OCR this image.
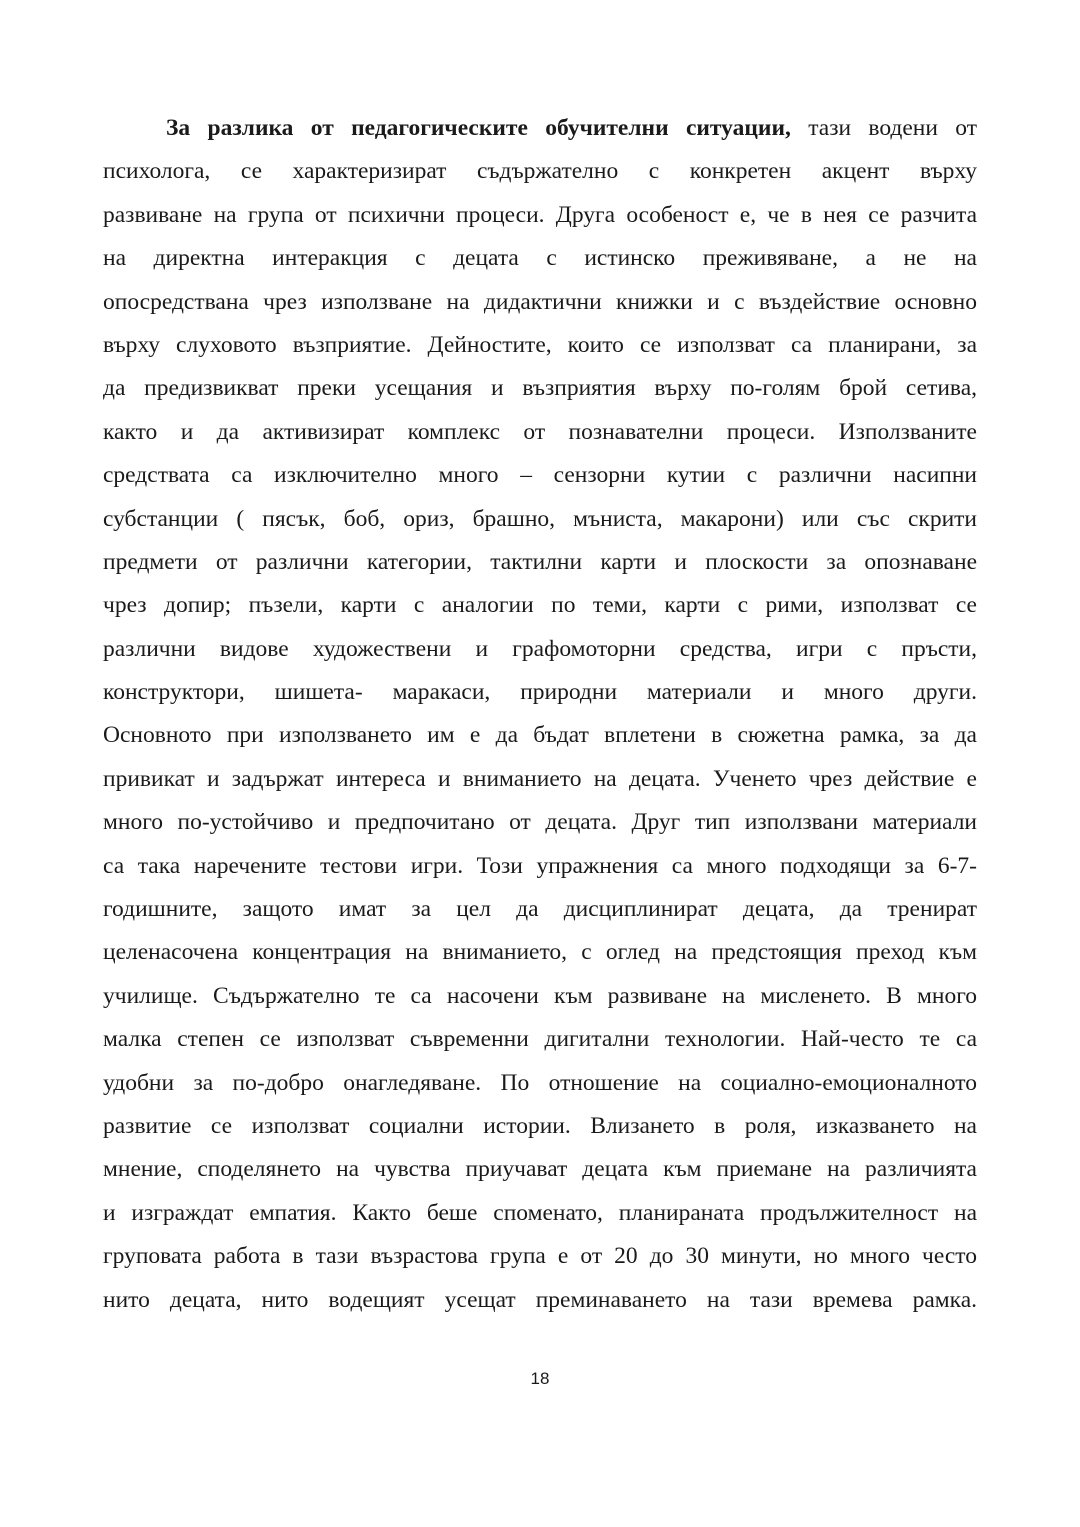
За разлика от педагогическите обучителни ситуации, тази водени от
психолога, се характеризират съдържателно с конкретен акцент върху
развиване на група от психични процеси. Друга особеност е, че в нея се разчита
на директна интеракция с децата с истинско преживяване, а не на
опосредствана чрез използване на дидактични книжки и с въздействие основно
върху слуховото възприятие. Дейностите, които се използват са планирани, за
да предизвикват преки усещания и възприятия върху по-голям брой сетива,
както и да активизират комплекс от познавателни процеси. Използваните
средствата са изключително много – сензорни кутии с различни насипни
субстанции ( пясък, боб, ориз, брашно, мъниста, макарони) или със скрити
предмети от различни категории, тактилни карти и плоскости за опознаване
чрез допир; пъзели, карти с аналогии по теми, карти с рими, използват се
различни видове художествени и графомоторни средства, игри с пръсти,
конструктори, шишета- маракаси, природни материали и много други.
Основното при използването им е да бъдат вплетени в сюжетна рамка, за да
привикат и задържат интереса и вниманието на децата. Ученето чрез действие е
много по-устойчиво и предпочитано от децата. Друг тип използвани материали
са така наречените тестови игри. Този упражнения са много подходящи за 6-7-
годишните, защото имат за цел да дисциплинират децата, да тренират
целенасочена концентрация на вниманието, с оглед на предстоящия преход към
училище. Съдържателно те са насочени към развиване на мисленето. В много
малка степен се използват съвременни дигитални технологии. Най-често те са
удобни за по-добро онагледяване. По отношение на социално-емоционалното
развитие се използват социални истории. Влизането в роля, изказването на
мнение, споделянето на чувства приучават децата към приемане на различията
и изграждат емпатия. Както беше споменато, планираната продължителност на
груповата работа в тази възрастова група е от 20 до 30 минути, но много често
нито децата, нито водещият усещат преминаването на тази времева рамка.
18
